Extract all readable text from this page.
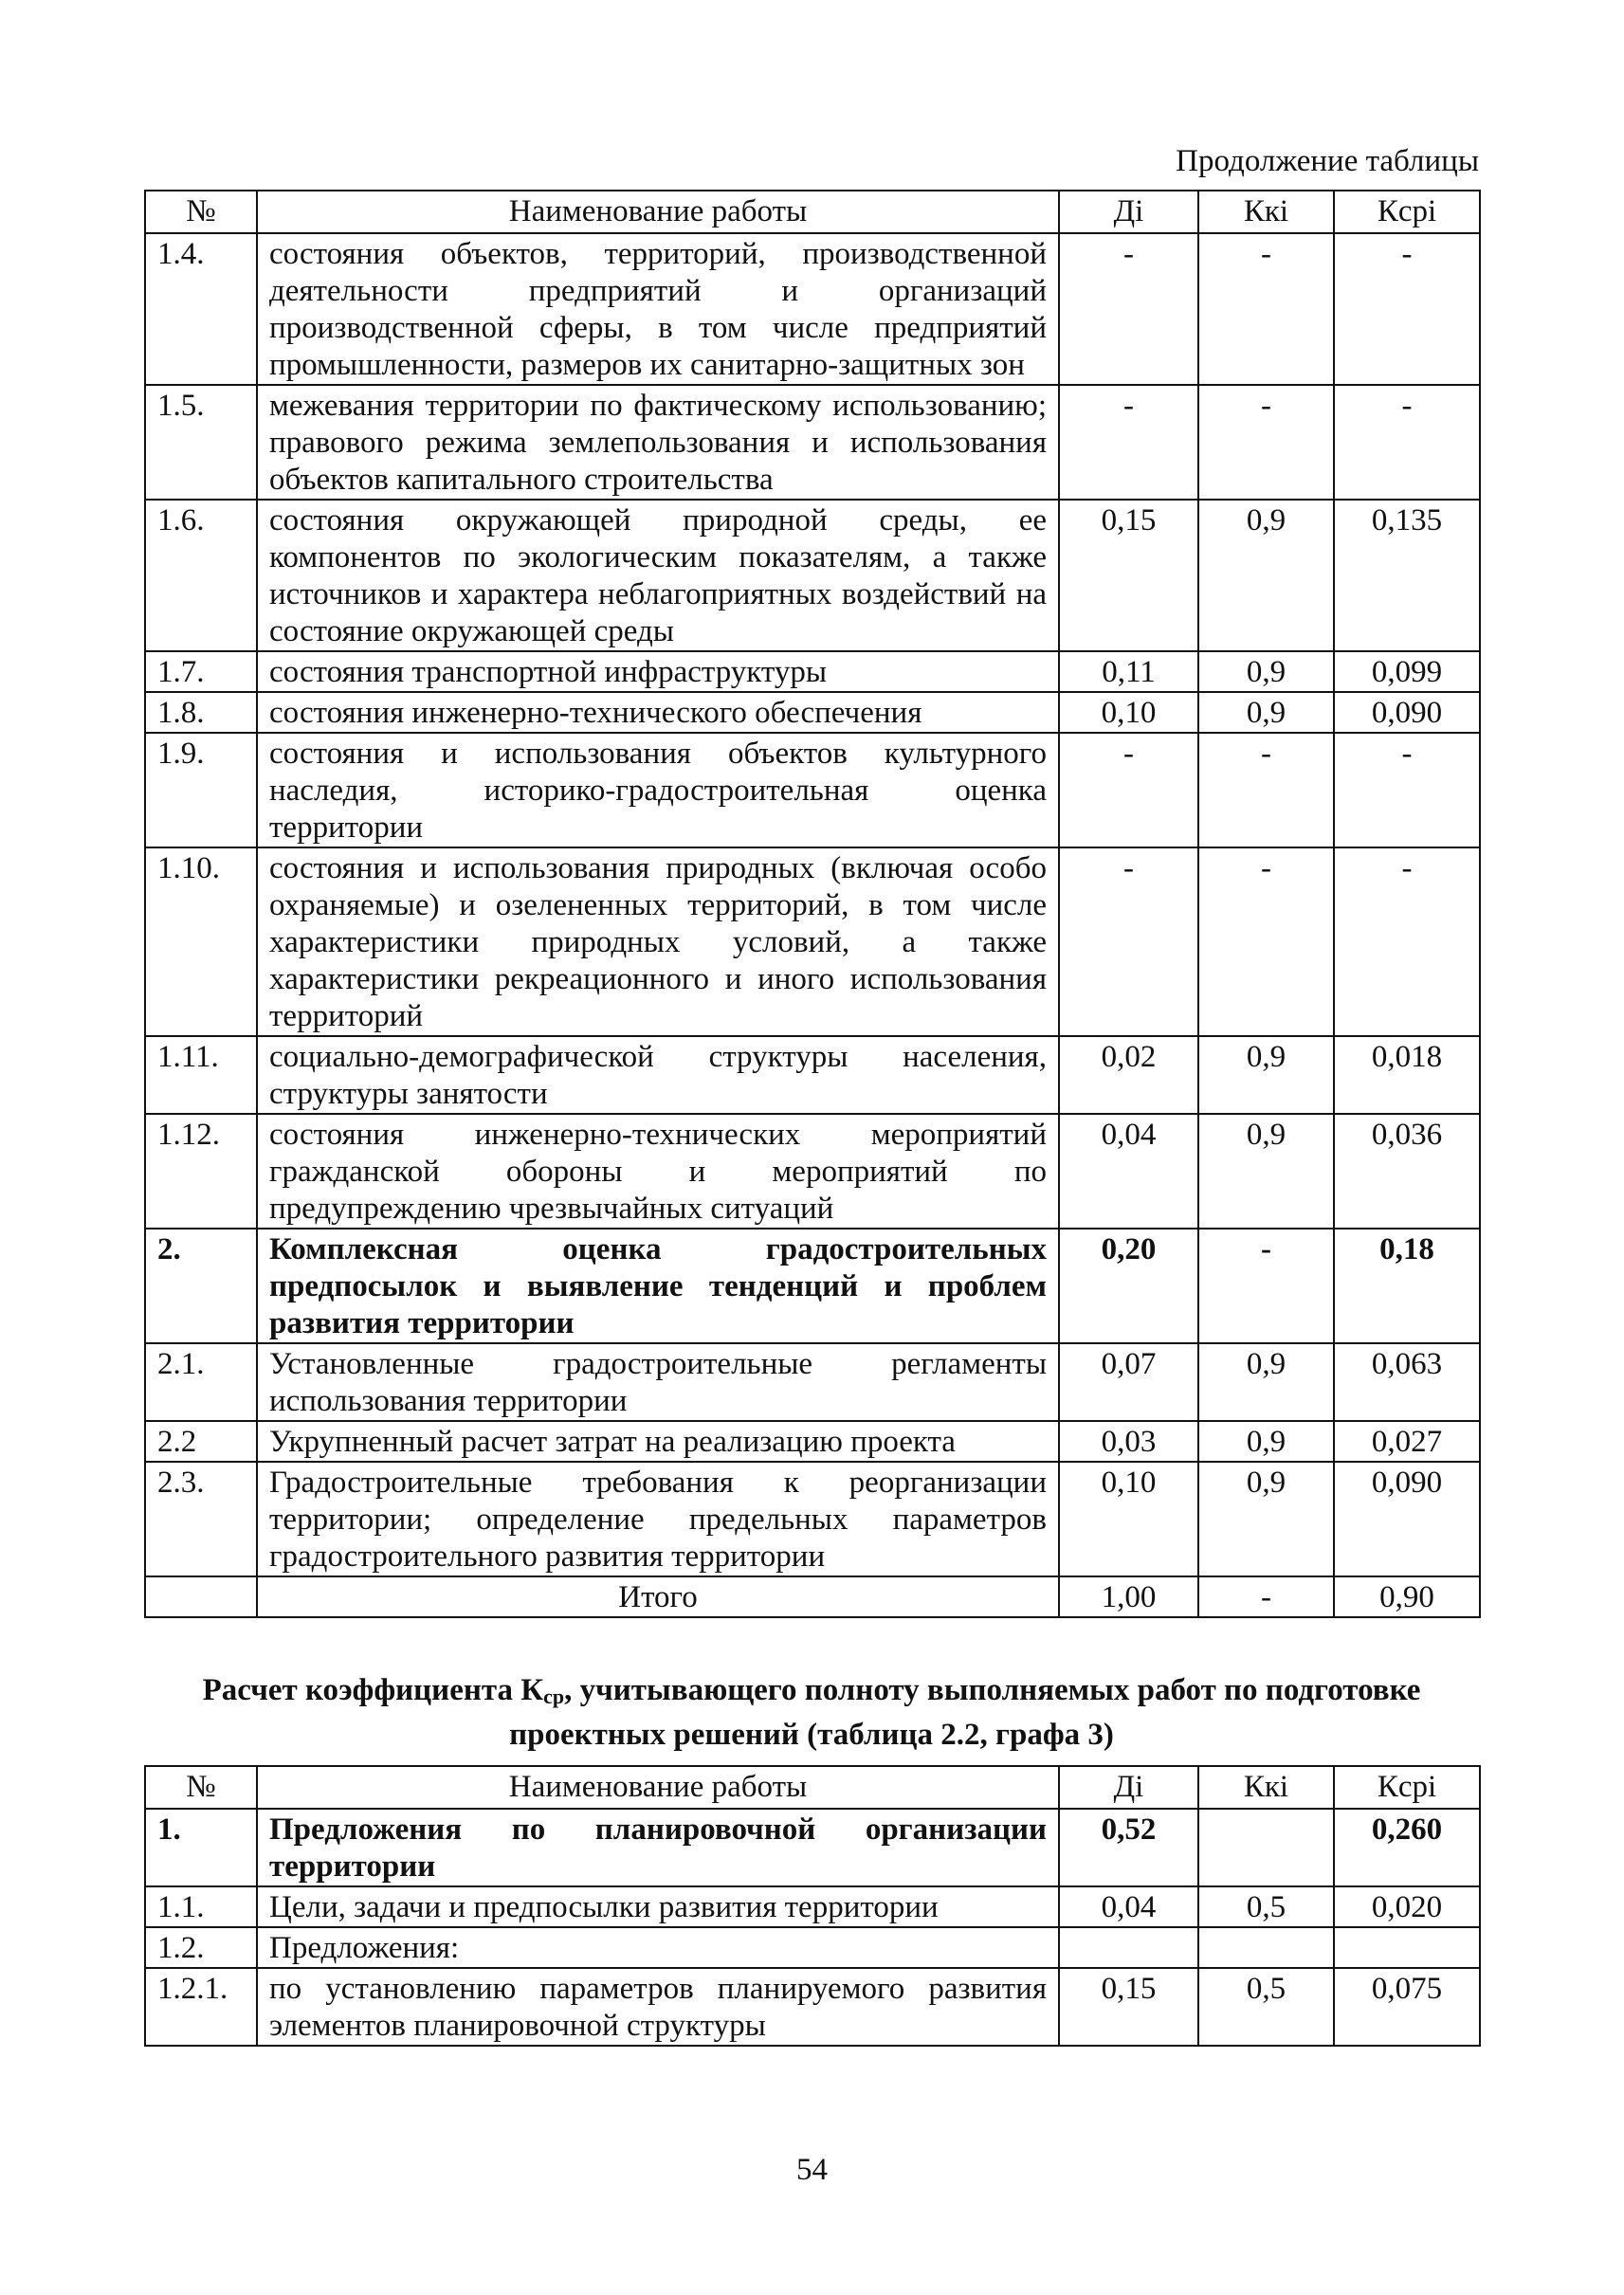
Продолжение таблицы
№	Наименование работы	Дi	Ккi	Кcpi
1.4.	состояния объектов, территорий, производственной деятельности предприятий и организаций производственной сферы, в том числе предприятий промышленности, размеров их санитарно-защитных зон	-	-	-
1.5.	межевания территории по фактическому использованию; правового режима землепользования и использования объектов капитального строительства	-	-	-
1.6.	состояния окружающей природной среды, ее компонентов по экологическим показателям, а также источников и характера неблагоприятных воздействий на состояние окружающей среды	0,15	0,9	0,135
1.7.	состояния транспортной инфраструктуры	0,11	0,9	0,099
1.8.	состояния инженерно-технического обеспечения	0,10	0,9	0,090
1.9.	состояния и использования объектов культурного наследия, историко-градостроительная оценка территории	-	-	-
1.10.	состояния и использования природных (включая особо охраняемые) и озелененных территорий, в том числе характеристики природных условий, а также характеристики рекреационного и иного использования территорий	-	-	-
1.11.	социально-демографической структуры населения, структуры занятости	0,02	0,9	0,018
1.12.	состояния инженерно-технических мероприятий гражданской обороны и мероприятий по предупреждению чрезвычайных ситуаций	0,04	0,9	0,036
2.	Комплексная оценка градостроительных предпосылок и выявление тенденций и проблем развития территории	0,20	-	0,18
2.1.	Установленные градостроительные регламенты использования территории	0,07	0,9	0,063
2.2	Укрупненный расчет затрат на реализацию проекта	0,03	0,9	0,027
2.3.	Градостроительные требования к реорганизации территории; определение предельных параметров градостроительного развития территории	0,10	0,9	0,090
	Итого	1,00	-	0,90
Расчет коэффициента $К_{ср}$, учитывающего полноту выполняемых работ по подготовке проектных решений (таблица 2.2, графа 3)
№	Наименование работы	Дi	Ккi	Кcpi
1.	Предложения по планировочной организации территории	0,52		0,260
1.1.	Цели, задачи и предпосылки развития территории	0,04	0,5	0,020
1.2.	Предложения:			
1.2.1.	по установлению параметров планируемого развития элементов планировочной структуры	0,15	0,5	0,075
54
